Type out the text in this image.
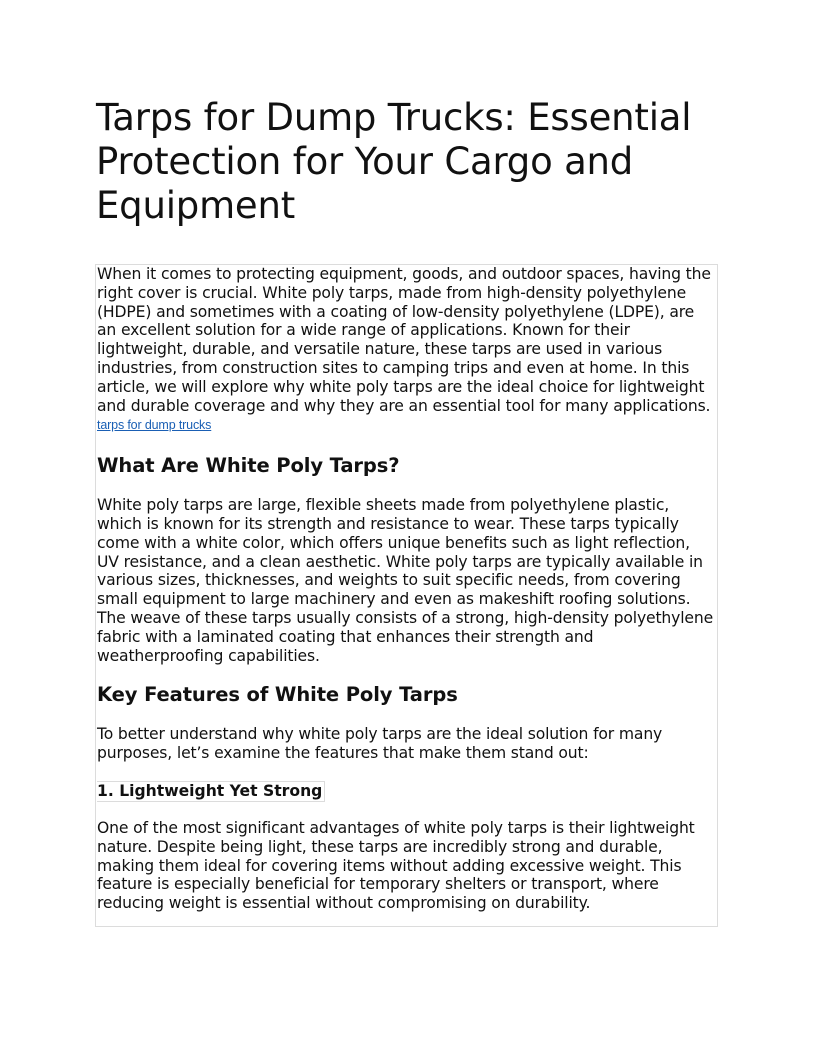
Tarps for Dump Trucks: Essential Protection for Your Cargo and Equipment

When it comes to protecting equipment, goods, and outdoor spaces, having the right cover is crucial. White poly tarps, made from high-density polyethylene (HDPE) and sometimes with a coating of low-density polyethylene (LDPE), are an excellent solution for a wide range of applications. Known for their lightweight, durable, and versatile nature, these tarps are used in various industries, from construction sites to camping trips and even at home. In this article, we will explore why white poly tarps are the ideal choice for lightweight and durable coverage and why they are an essential tool for many applications. tarps for dump trucks

What Are White Poly Tarps?

White poly tarps are large, flexible sheets made from polyethylene plastic, which is known for its strength and resistance to wear. These tarps typically come with a white color, which offers unique benefits such as light reflection, UV resistance, and a clean aesthetic. White poly tarps are typically available in various sizes, thicknesses, and weights to suit specific needs, from covering small equipment to large machinery and even as makeshift roofing solutions. The weave of these tarps usually consists of a strong, high-density polyethylene fabric with a laminated coating that enhances their strength and weatherproofing capabilities.

Key Features of White Poly Tarps

To better understand why white poly tarps are the ideal solution for many purposes, let’s examine the features that make them stand out:

1. Lightweight Yet Strong

One of the most significant advantages of white poly tarps is their lightweight nature. Despite being light, these tarps are incredibly strong and durable, making them ideal for covering items without adding excessive weight. This feature is especially beneficial for temporary shelters or transport, where reducing weight is essential without compromising on durability.
